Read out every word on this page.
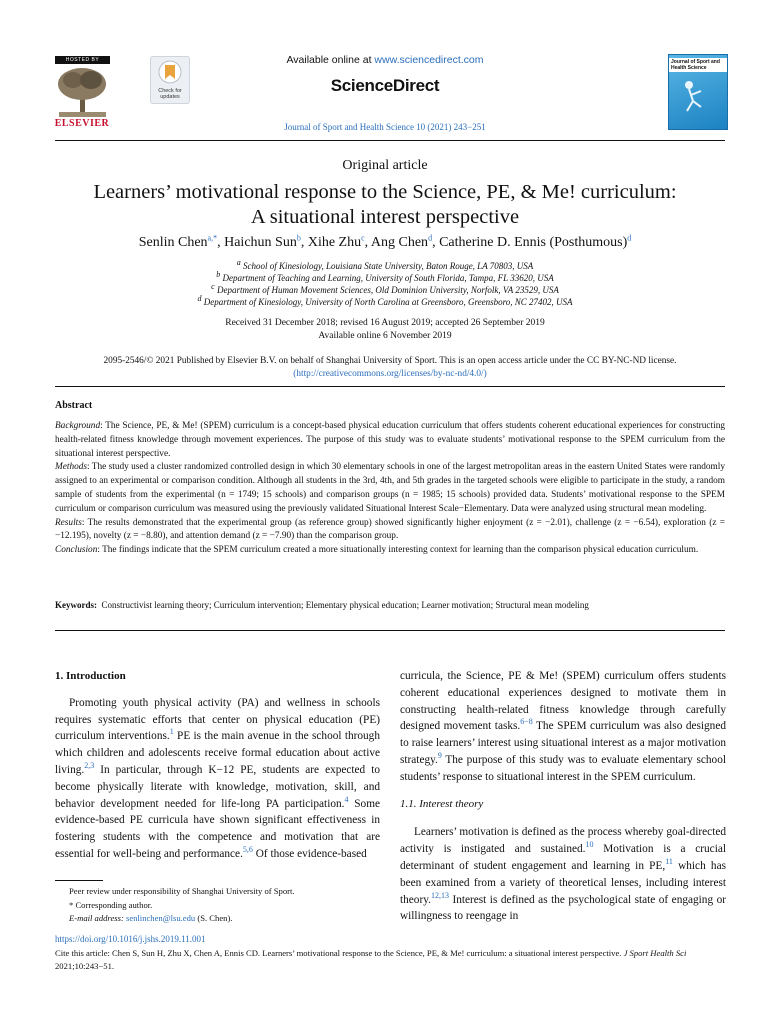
HOSTED BY
ELSEVIER
Check for updates
Available online at www.sciencedirect.com
ScienceDirect
Journal of Sport and Health Science 10 (2021) 243−251
Journal of Sport and Health Science
Original article
Learners’ motivational response to the Science, PE, & Me! curriculum:
A situational interest perspective
Senlin Chen$^{a,*}$, Haichun Sun$^b$, Xihe Zhu$^c$, Ang Chen$^d$, Catherine D. Ennis (Posthumous)$^d$
$^a$ School of Kinesiology, Louisiana State University, Baton Rouge, LA 70803, USA
$^b$ Department of Teaching and Learning, University of South Florida, Tampa, FL 33620, USA
$^c$ Department of Human Movement Sciences, Old Dominion University, Norfolk, VA 23529, USA
$^d$ Department of Kinesiology, University of North Carolina at Greensboro, Greensboro, NC 27402, USA
Received 31 December 2018; revised 16 August 2019; accepted 26 September 2019
Available online 6 November 2019
2095-2546/© 2021 Published by Elsevier B.V. on behalf of Shanghai University of Sport. This is an open access article under the CC BY-NC-ND license.
(http://creativecommons.org/licenses/by-nc-nd/4.0/)
Abstract

Background: The Science, PE, & Me! (SPEM) curriculum is a concept-based physical education curriculum that offers students coherent educational experiences for constructing health-related fitness knowledge through movement experiences. The purpose of this study was to evaluate students’ motivational response to the SPEM curriculum from the situational interest perspective.

Methods: The study used a cluster randomized controlled design in which 30 elementary schools in one of the largest metropolitan areas in the eastern United States were randomly assigned to an experimental or comparison condition. Although all students in the 3rd, 4th, and 5th grades in the targeted schools were eligible to participate in the study, a random sample of students from the experimental (n = 1749; 15 schools) and comparison groups (n = 1985; 15 schools) provided data. Students’ motivational response to the SPEM curriculum or comparison curriculum was measured using the previously validated Situational Interest Scale−Elementary. Data were analyzed using structural mean modeling.

Results: The results demonstrated that the experimental group (as reference group) showed significantly higher enjoyment (z = −2.01), challenge (z = −6.54), exploration (z = −12.195), novelty (z = −8.80), and attention demand (z = −7.90) than the comparison group.

Conclusion: The findings indicate that the SPEM curriculum created a more situationally interesting context for learning than the comparison physical education curriculum.

Keywords: Constructivist learning theory; Curriculum intervention; Elementary physical education; Learner motivation; Structural mean modeling
1. Introduction

Promoting youth physical activity (PA) and wellness in schools requires systematic efforts that center on physical education (PE) curriculum interventions.$^1$ PE is the main avenue in the school through which children and adolescents receive formal education about active living.$^{2,3}$ In particular, through K−12 PE, students are expected to become physically literate with knowledge, motivation, skill, and behavior development needed for life-long PA participation.$^4$ Some evidence-based PE curricula have shown significant effectiveness in fostering students with the competence and motivation that are essential for well-being and performance.$^{5,6}$ Of those evidence-based

curricula, the Science, PE & Me! (SPEM) curriculum offers students coherent educational experiences designed to motivate them in constructing health-related fitness knowledge through carefully designed movement tasks.$^{6-8}$ The SPEM curriculum was also designed to raise learners’ interest using situational interest as a major motivation strategy.$^9$ The purpose of this study was to evaluate elementary school students’ response to situational interest in the SPEM curriculum.

1.1. Interest theory

Learners’ motivation is defined as the process whereby goal-directed activity is instigated and sustained.$^{10}$ Motivation is a crucial determinant of student engagement and learning in PE,$^{11}$ which has been examined from a variety of theoretical lenses, including interest theory.$^{12,13}$ Interest is defined as the psychological state of engaging or willingness to reengage in

Peer review under responsibility of Shanghai University of Sport.
* Corresponding author.
E-mail address: senlinchen@lsu.edu (S. Chen).
https://doi.org/10.1016/j.jshs.2019.11.001
Cite this article: Chen S, Sun H, Zhu X, Chen A, Ennis CD. Learners’ motivational response to the Science, PE, & Me! curriculum: a situational interest perspective. J Sport Health Sci 2021;10:243−51.
